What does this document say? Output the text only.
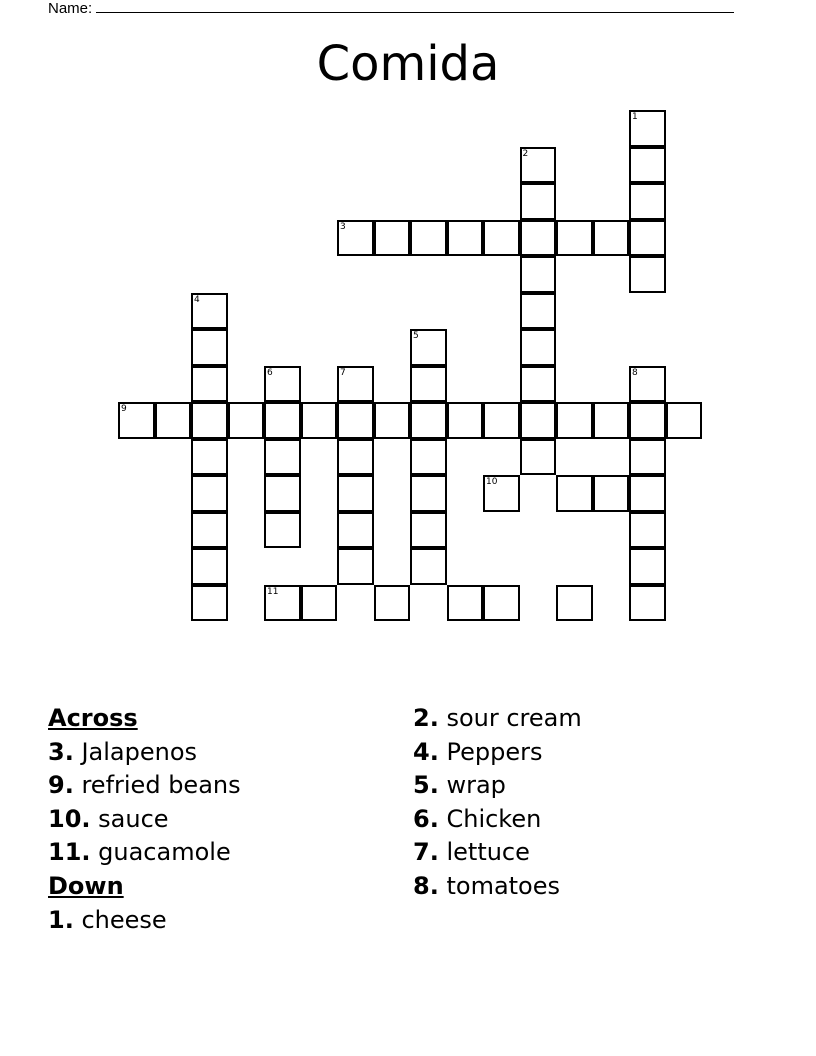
Name:
Comida
1
2
3
4
5
6	7	8
9
10
11
Across
3. Jalapenos
9. refried beans
10. sauce
11. guacamole
Down
1. cheese
2. sour cream
4. Peppers
5. wrap
6. Chicken
7. lettuce
8. tomatoes
